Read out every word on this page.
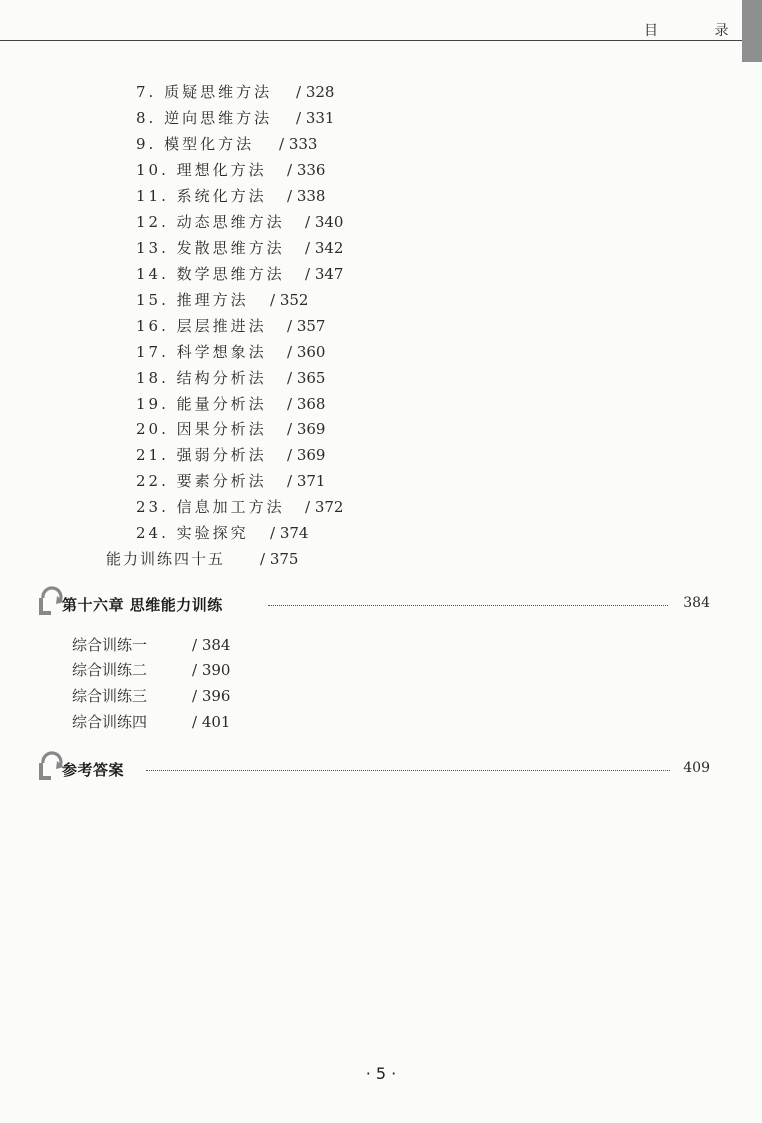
目 录
7. 质疑思维方法 / 328
8. 逆向思维方法 / 331
9. 模型化方法 / 333
10. 理想化方法 / 336
11. 系统化方法 / 338
12. 动态思维方法 / 340
13. 发散思维方法 / 342
14. 数学思维方法 / 347
15. 推理方法 / 352
16. 层层推进法 / 357
17. 科学想象法 / 360
18. 结构分析法 / 365
19. 能量分析法 / 368
20. 因果分析法 / 369
21. 强弱分析法 / 369
22. 要素分析法 / 371
23. 信息加工方法 / 372
24. 实验探究 / 374
能力训练四十五 / 375
第十六章 思维能力训练	384
综合训练一	/ 384
综合训练二	/ 390
综合训练三	/ 396
综合训练四	/ 401
参考答案	409
· 5 ·
